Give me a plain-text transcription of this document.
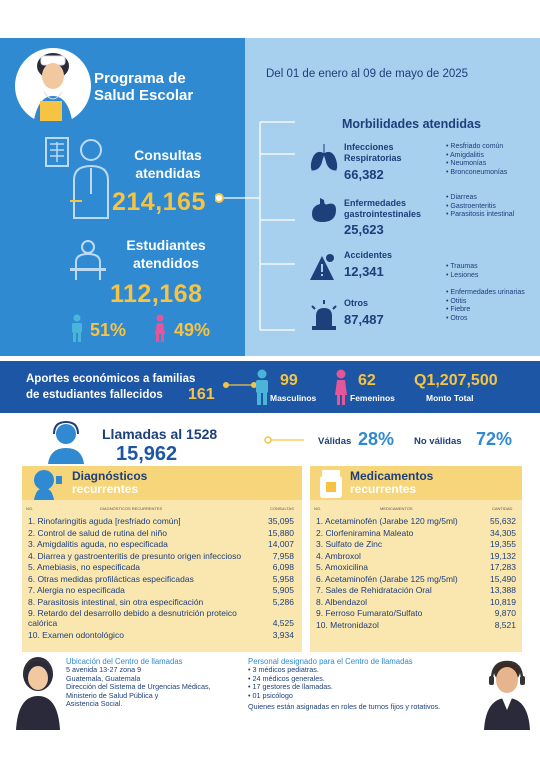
Programa de
Salud Escolar
Del 01 de enero al 09 de mayo de 2025
Consultas
atendidas
214,165
Estudiantes
atendidos
112,168
51%	49%
Morbilidades atendidas
Infecciones
Respiratorias
66,382
• Resfriado común
• Amigdalitis
• Neumonías
• Bronconeumonías
Enfermedades
gastrointestinales
25,623
• Diarreas
• Gastroenteritis
• Parasitosis intestinal
Accidentes
12,341
•	Traumas
• Lesiones
Otros
87,487
• Enfermedades urinarias
• Otitis
• Fiebre
• Otros
Aportes económicos a familias
de estudiantes fallecidos	161
99
Masculinos
62
Femeninos
Q1,207,500
Monto Total
Llamadas al 1528
15,962
Válidas 28% No válidas 72%
Diagnósticos
recurrentes
NO.	DIAGNÓSTICOS RECURRENTES	CONSULTAS
1. Rinofaringitis aguda [resfriado común]	35,095
2. Control de salud de rutina del niño	15,880
3. Amigdalitis aguda, no especificada	14,007
4. Diarrea y gastroenteritis de presunto origen infeccioso	7,958
5. Amebiasis, no especificada	6,098
6. Otras medidas profilácticas especificadas	5,958
7. Alergia no especificada	5,905
8. Parasitosis intestinal, sin otra especificación	5,286
9. Retardo del desarrollo debido a desnutrición proteico calórica	4,525
10. Examen odontológico	3,934
Medicamentos
recurrentes
NO.	MEDICAMENTOS	CANTIDAD
1. Acetaminofén (Jarabe 120 mg/5ml)	55,632
2. Clorfeniramina Maleato	34,305
3. Sulfato de Zinc	19,355
4. Ambroxol	19,132
5. Amoxicilina	17,283
6. Acetaminofén (Jarabe 125 mg/5ml)	15,490
7. Sales de Rehidratación Oral	13,388
8. Albendazol	10,819
9. Ferroso Fumarato/Sulfato	9,870
10. Metronidazol	8,521
Ubicación del Centro de llamadas
5 avenida 13-27 zona 9
Guatemala, Guatemala
Dirección del Sistema de Urgencias Médicas,
Ministerio de Salud Pública y
Asistencia Social.
Personal designado para el Centro de llamadas
• 3 médicos pediatras.
• 24 médicos generales.
• 17 gestores de llamadas.
• 01 psicólogo
Quienes están asignadas en roles de turnos fijos y rotativos.
